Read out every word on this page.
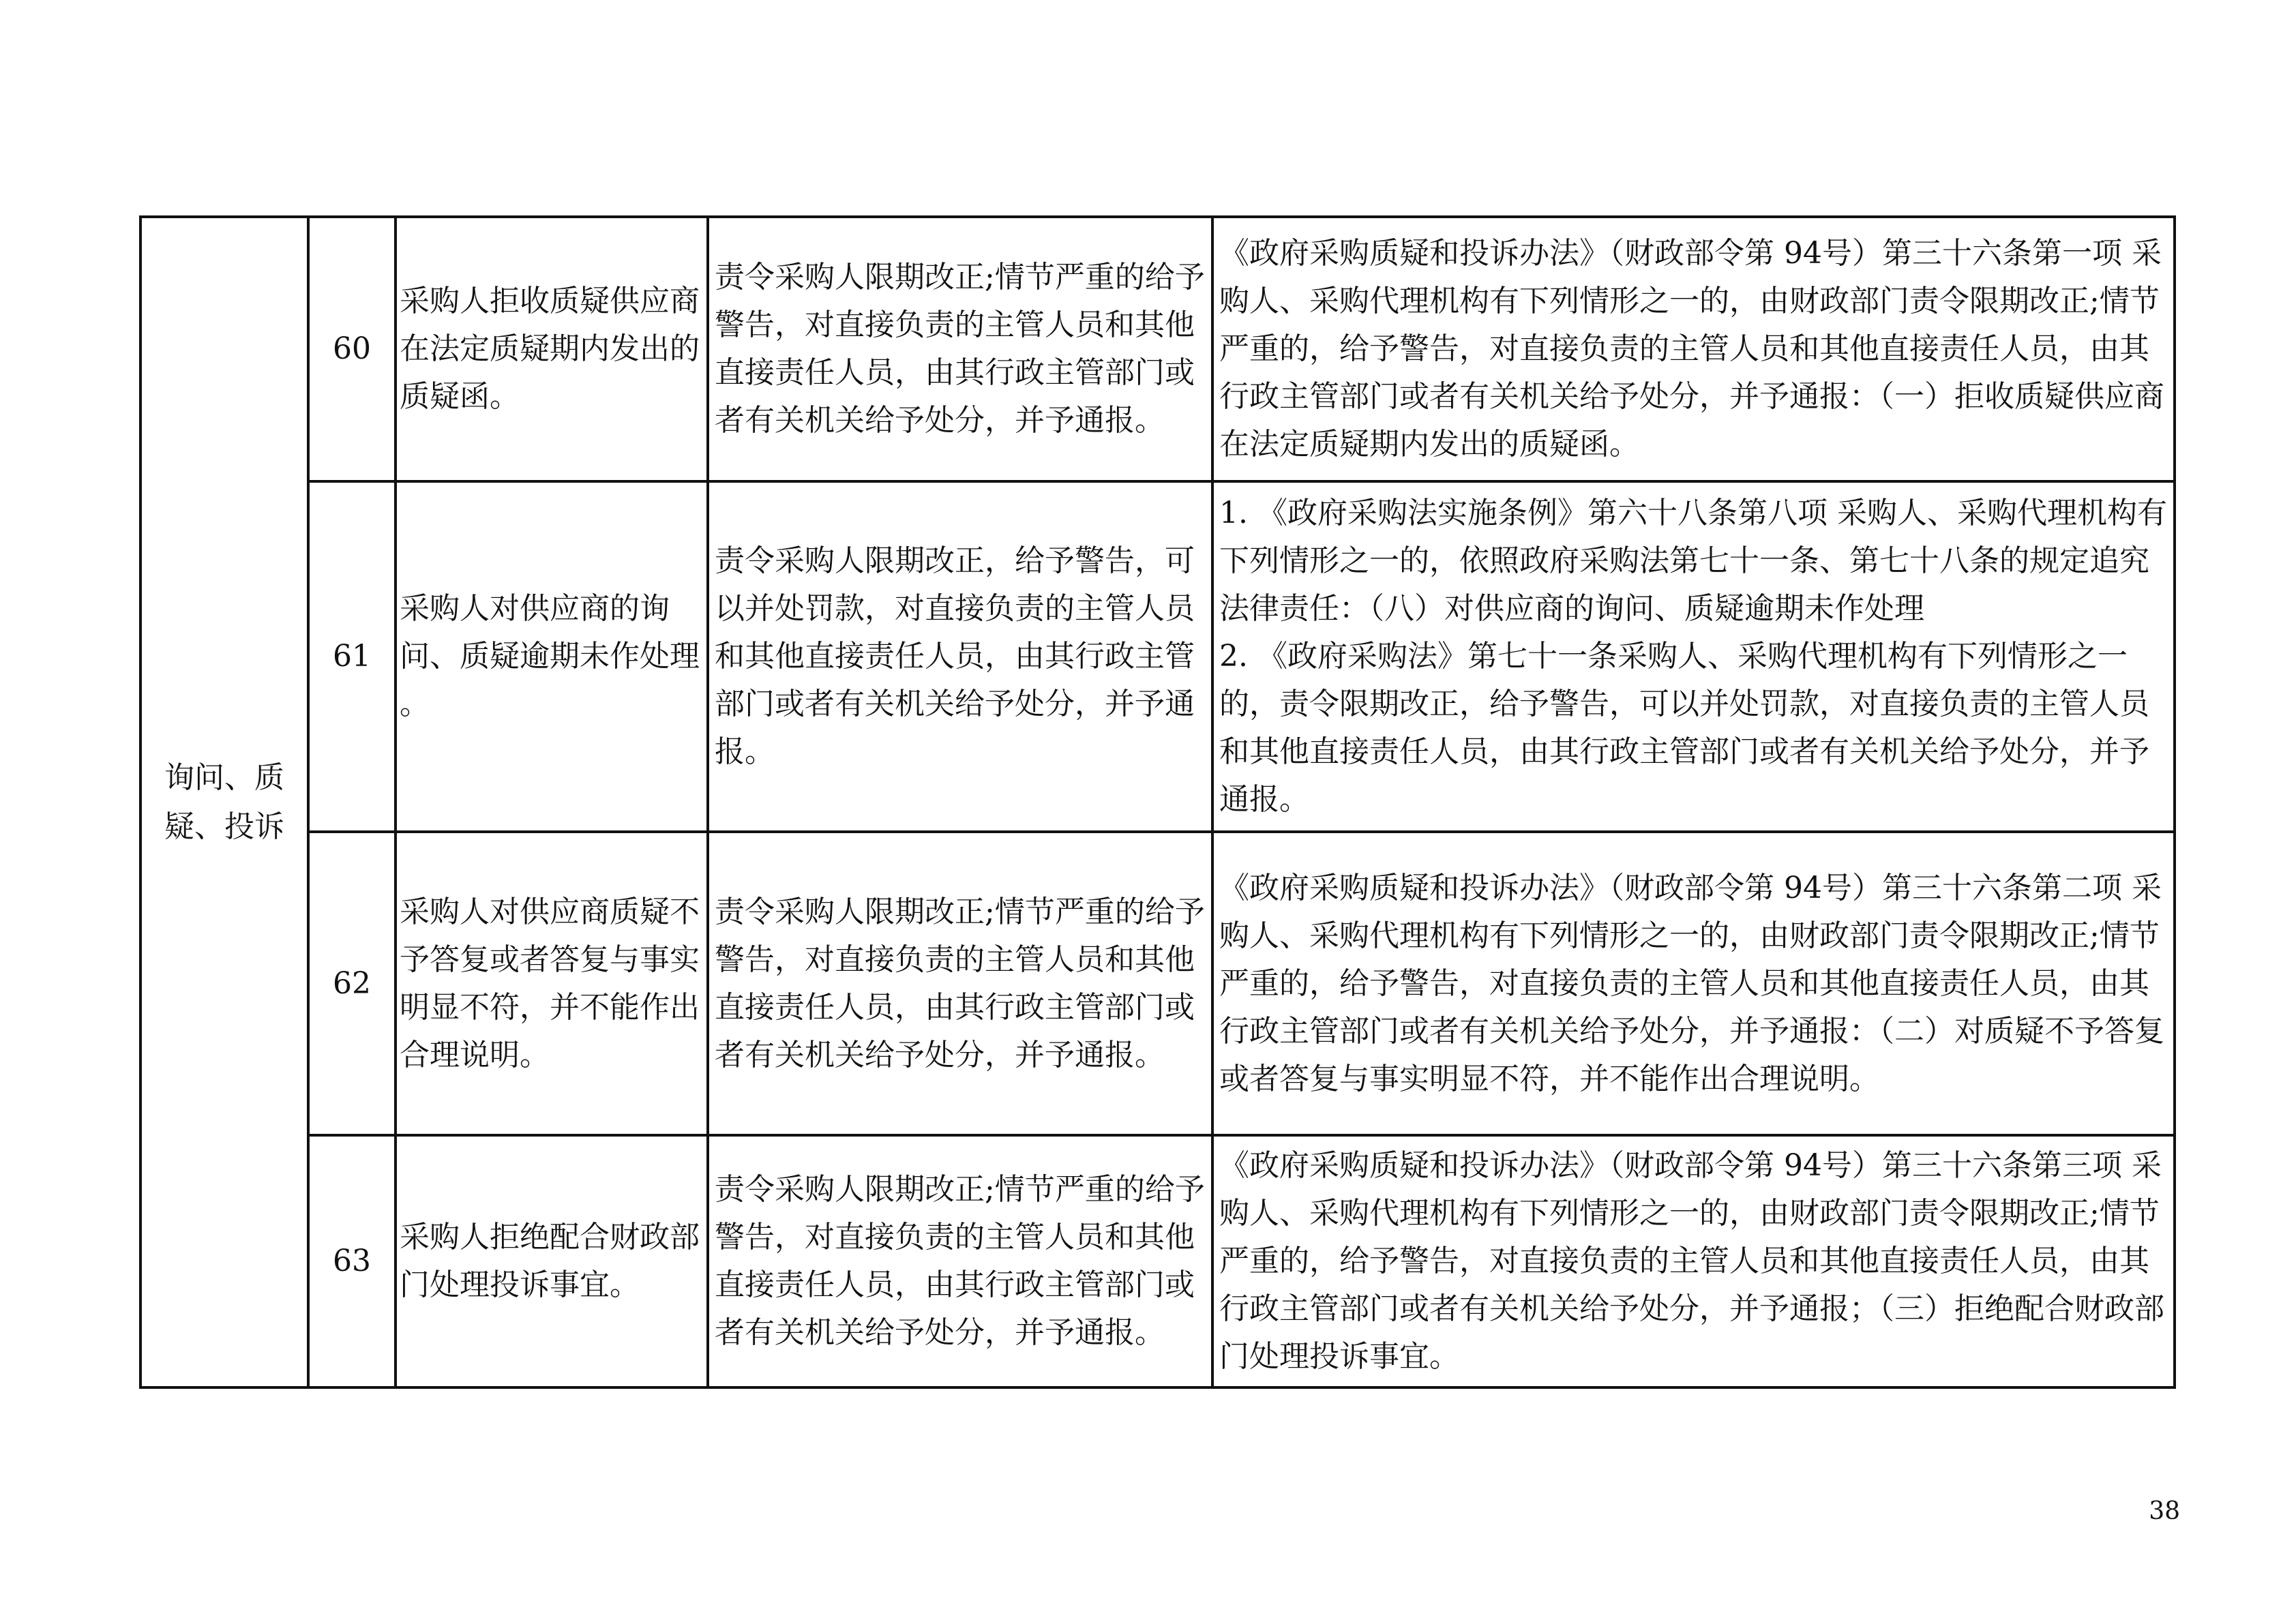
询问、质疑、投诉	60	采购人拒收质疑供应商在法定质疑期内发出的质疑函。	责令采购人限期改正;情节严重的给予警告，对直接负责的主管人员和其他直接责任人员，由其行政主管部门或者有关机关给予处分，并予通报。	《政府采购质疑和投诉办法》（财政部令第 94号）第三十六条第一项 采购人、采购代理机构有下列情形之一的，由财政部门责令限期改正;情节严重的，给予警告，对直接负责的主管人员和其他直接责任人员，由其行政主管部门或者有关机关给予处分，并予通报：（一）拒收质疑供应商在法定质疑期内发出的质疑函。

	61	采购人对供应商的询问、质疑逾期未作处理 。	责令采购人限期改正，给予警告，可以并处罚款，对直接负责的主管人员和其他直接责任人员，由其行政主管部门或者有关机关给予处分，并予通报。	1. 《政府采购法实施条例》第六十八条第八项 采购人、采购代理机构有下列情形之一的，依照政府采购法第七十一条、第七十八条的规定追究法律责任：（八）对供应商的询问、质疑逾期未作处理
2. 《政府采购法》第七十一条采购人、采购代理机构有下列情形之一的，责令限期改正，给予警告，可以并处罚款，对直接负责的主管人员和其他直接责任人员，由其行政主管部门或者有关机关给予处分，并予通报。

	62	采购人对供应商质疑不予答复或者答复与事实明显不符，并不能作出合理说明。	责令采购人限期改正;情节严重的给予警告，对直接负责的主管人员和其他直接责任人员，由其行政主管部门或者有关机关给予处分，并予通报。	《政府采购质疑和投诉办法》（财政部令第 94号）第三十六条第二项 采购人、采购代理机构有下列情形之一的，由财政部门责令限期改正;情节严重的，给予警告，对直接负责的主管人员和其他直接责任人员，由其行政主管部门或者有关机关给予处分，并予通报：（二）对质疑不予答复或者答复与事实明显不符，并不能作出合理说明。

	63	采购人拒绝配合财政部门处理投诉事宜。	责令采购人限期改正;情节严重的给予警告，对直接负责的主管人员和其他直接责任人员，由其行政主管部门或者有关机关给予处分，并予通报。	《政府采购质疑和投诉办法》（财政部令第 94号）第三十六条第三项 采购人、采购代理机构有下列情形之一的，由财政部门责令限期改正;情节严重的，给予警告，对直接负责的主管人员和其他直接责任人员，由其行政主管部门或者有关机关给予处分，并予通报；（三）拒绝配合财政部门处理投诉事宜。
38
